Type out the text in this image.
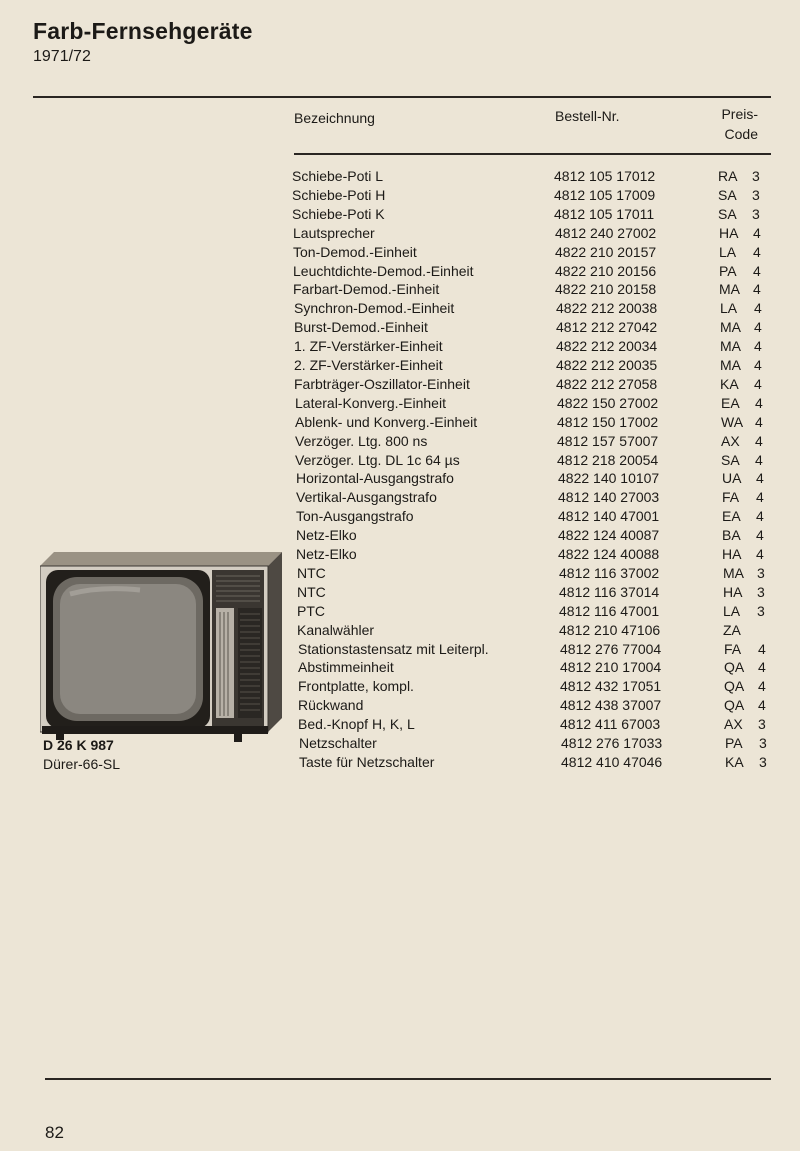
Farb-Fernsehgeräte
1971/72
Bezeichnung	Bestell-Nr.	Preis-
Code
Schiebe-Poti L	4812 105 17012	RA	3
Schiebe-Poti H	4812 105 17009	SA	3
Schiebe-Poti K	4812 105 17011	SA	3
Lautsprecher	4812 240 27002	HA	4
Ton-Demod.-Einheit	4822 210 20157	LA	4
Leuchtdichte-Demod.-Einheit	4822 210 20156	PA	4
Farbart-Demod.-Einheit	4822 210 20158	MA 4
Synchron-Demod.-Einheit	4822 212 20038	LA	4
Burst-Demod.-Einheit	4812 212 27042	MA 4
1. ZF-Verstärker-Einheit	4822 212 20034	MA 4
2. ZF-Verstärker-Einheit	4822 212 20035	MA 4
Farbträger-Oszillator-Einheit	4822 212 27058	KA	4
Lateral-Konverg.-Einheit	4822 150 27002	EA	4
Ablenk- und Konverg.-Einheit	4812 150 17002	WA 4
Verzöger. Ltg. 800 ns	4812 157 57007	AX	4
Verzöger. Ltg. DL 1c 64 µs	4812 218 20054	SA	4
Horizontal-Ausgangstrafo	4822 140 10107	UA	4
Vertikal-Ausgangstrafo	4812 140 27003	FA	4
Ton-Ausgangstrafo	4812 140 47001	EA	4
Netz-Elko	4822 124 40087	BA	4
Netz-Elko	4822 124 40088	HA	4
NTC	4812 116 37002	MA 3
NTC	4812 116 37014	HA	3
PTC	4812 116 47001	LA	3
Kanalwähler	4812 210 47106	ZA
Stationstastensatz mit Leiterpl.	4812 276 77004	FA	4
Abstimmeinheit	4812 210 17004	QA 4
Frontplatte, kompl.	4812 432 17051	QA 4
Rückwand	4812 438 37007	QA 4
Bed.-Knopf H, K, L	4812 411 67003	AX	3
Netzschalter	4812 276 17033	PA	3
Taste für Netzschalter	4812 410 47046	KA	3
D 26 K 987
Dürer-66-SL
82
